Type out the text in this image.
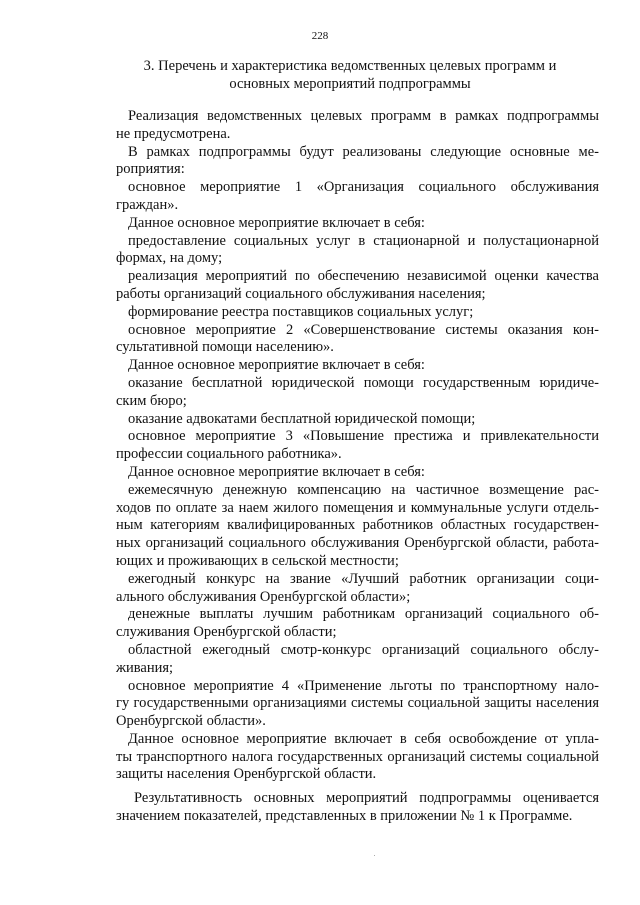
228
3. Перечень и характеристика ведомственных целевых программ и
основных мероприятий подпрограммы
Реализация ведомственных целевых программ в рамках подпрограммы
не предусмотрена.
В рамках подпрограммы будут реализованы следующие основные ме-
роприятия:
основное мероприятие 1 «Организация социального обслуживания
граждан».
Данное основное мероприятие включает в себя:
предоставление социальных услуг в стационарной и полустационарной
формах, на дому;
реализация мероприятий по обеспечению независимой оценки качества
работы организаций социального обслуживания населения;
формирование реестра поставщиков социальных услуг;
основное мероприятие 2 «Совершенствование системы оказания кон-
сультативной помощи населению».
Данное основное мероприятие включает в себя:
оказание бесплатной юридической помощи государственным юридиче-
ским бюро;
оказание адвокатами бесплатной юридической помощи;
основное мероприятие 3 «Повышение престижа и привлекательности
профессии социального работника».
Данное основное мероприятие включает в себя:
ежемесячную денежную компенсацию на частичное возмещение рас-
ходов по оплате за наем жилого помещения и коммунальные услуги отдель-
ным категориям квалифицированных работников областных государствен-
ных организаций социального обслуживания Оренбургской области, работа-
ющих и проживающих в сельской местности;
ежегодный конкурс на звание «Лучший работник организации соци-
ального обслуживания Оренбургской области»;
денежные выплаты лучшим работникам организаций социального об-
служивания Оренбургской области;
областной ежегодный смотр-конкурс организаций социального обслу-
живания;
основное мероприятие 4 «Применение льготы по транспортному нало-
гу государственными организациями системы социальной защиты населения
Оренбургской области».
Данное основное мероприятие включает в себя освобождение от упла-
ты транспортного налога государственных организаций системы социальной
защиты населения Оренбургской области.
Результативность основных мероприятий подпрограммы оценивается
значением показателей, представленных в приложении № 1 к Программе.
